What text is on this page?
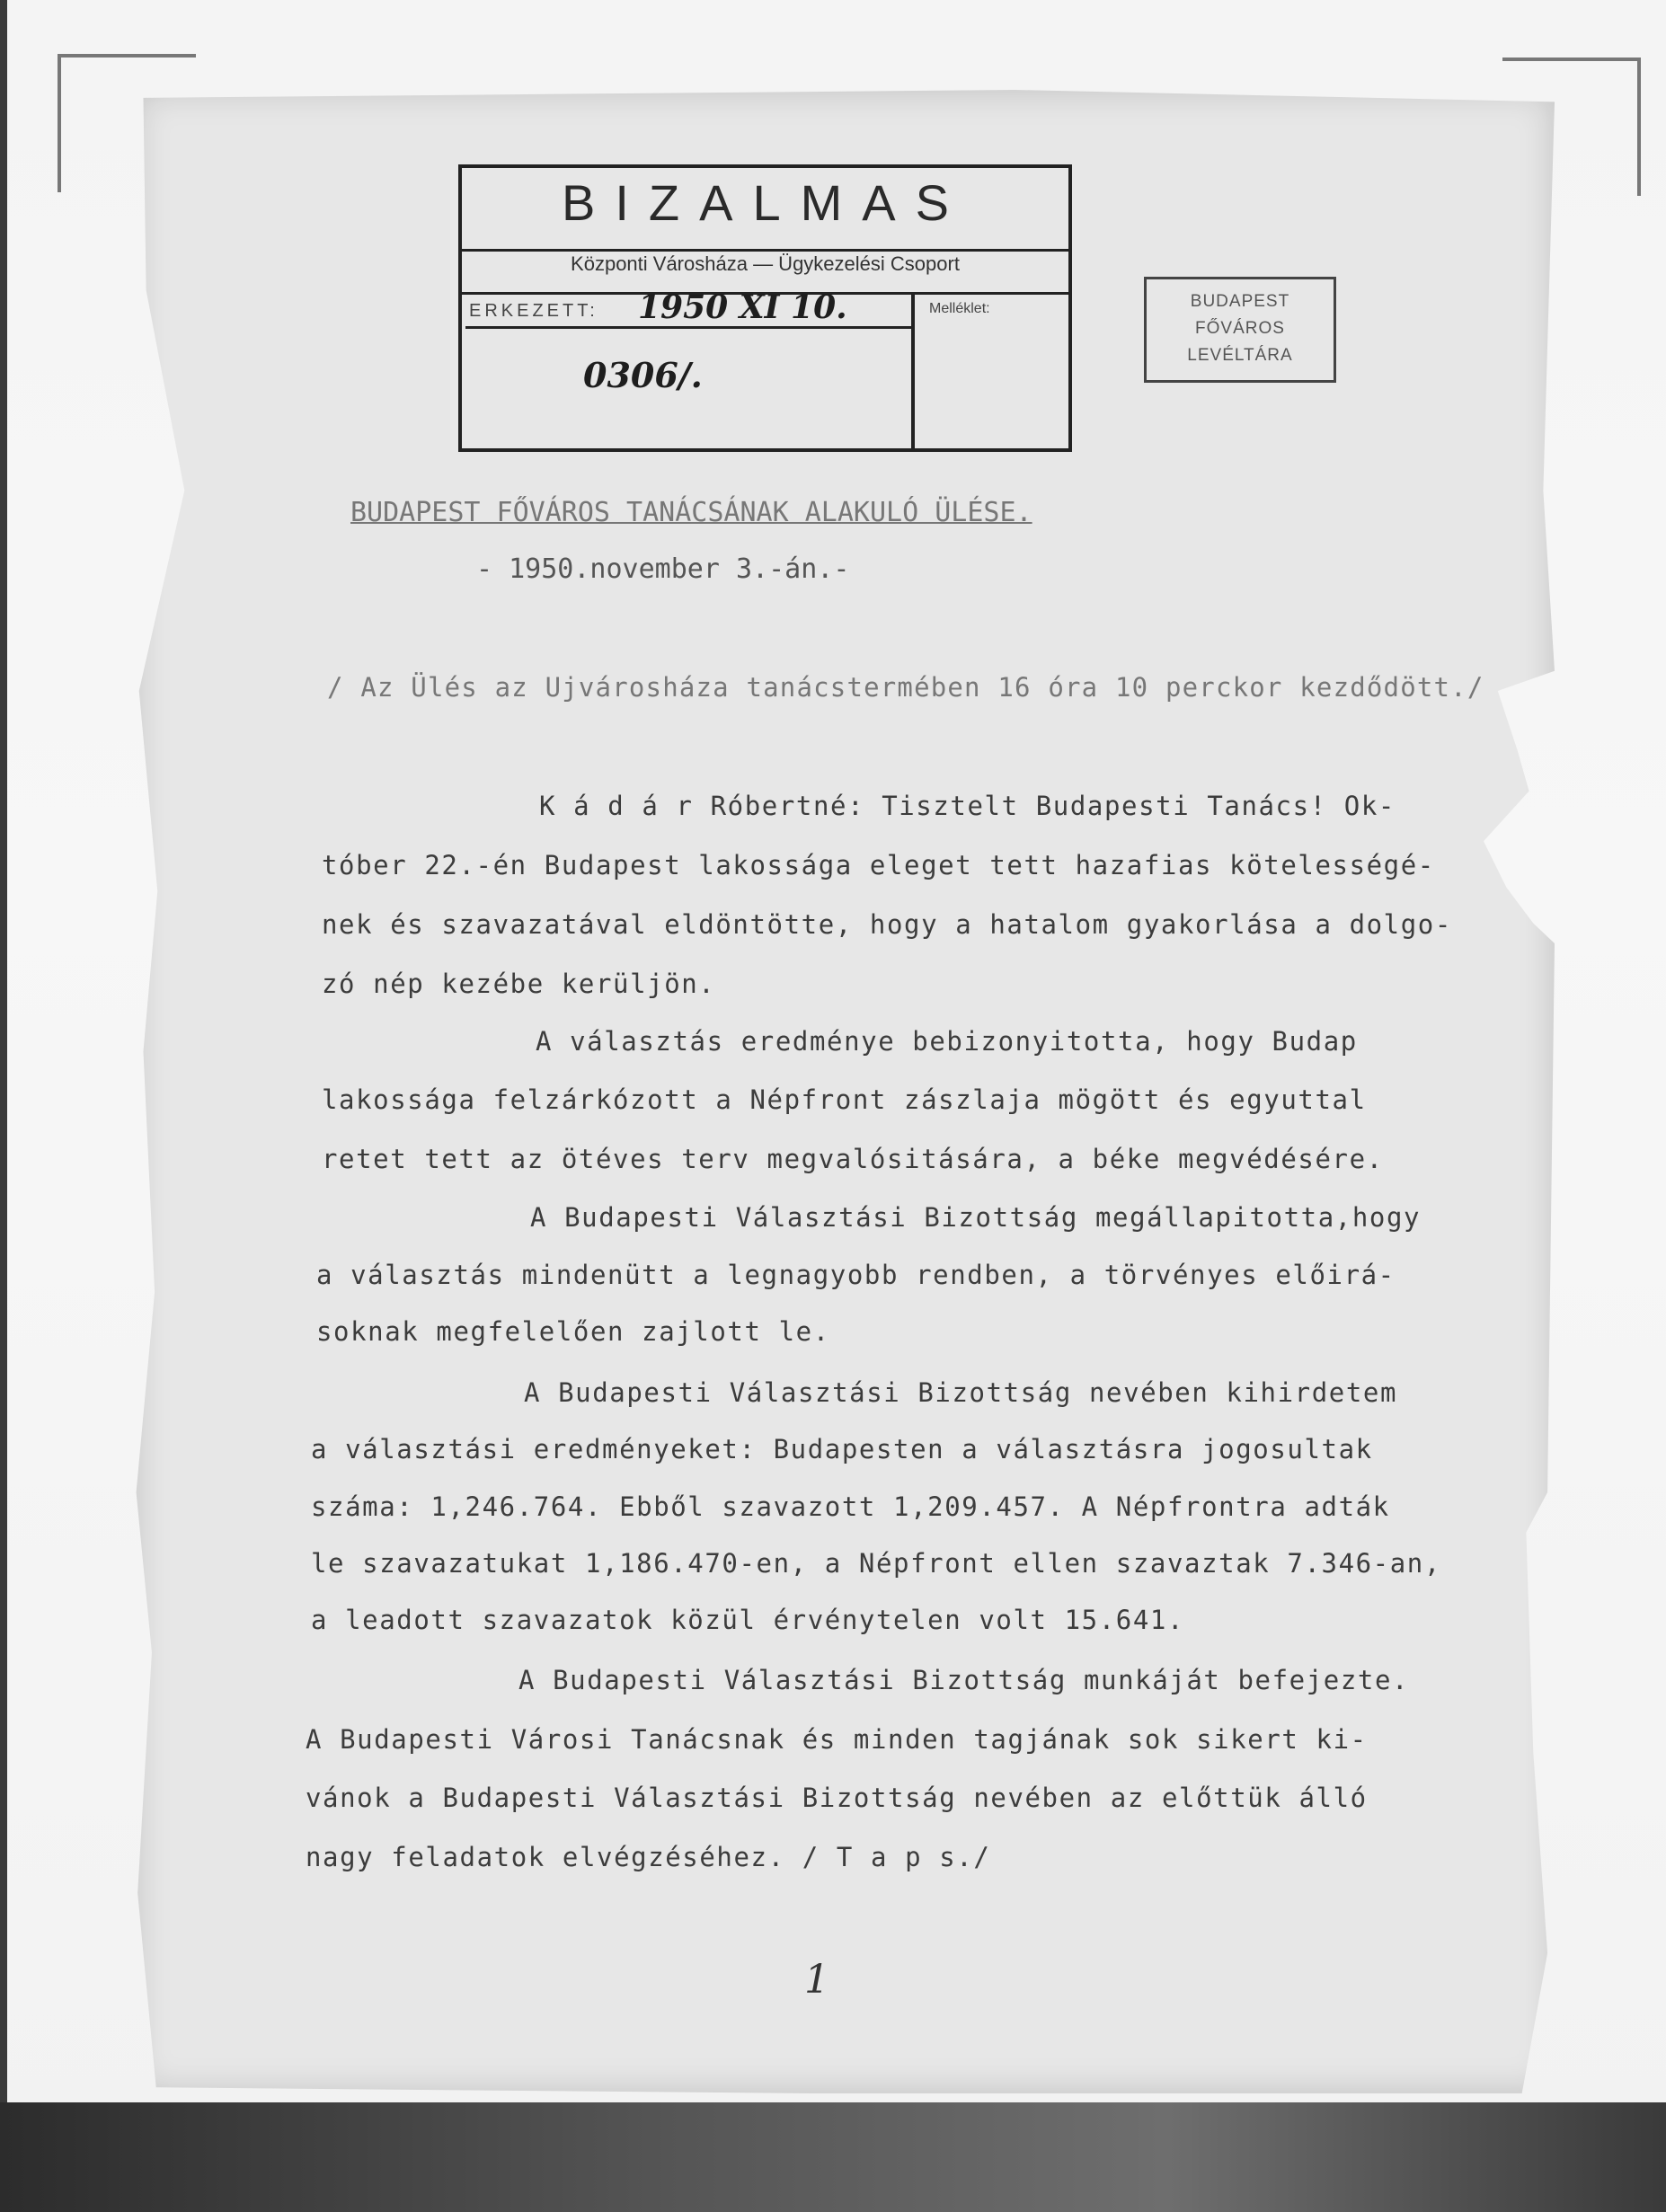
BIZALMAS
Központi Városháza — Ügykezelési Csoport
ERKEZETT: 1950 XI 10.	Melléklet:
0306/.
BUDAPEST
FŐVÁROS
LEVÉLTÁRA
BUDAPEST FŐVÁROS TANÁCSÁNAK ALAKULÓ ÜLÉSE.
- 1950.november 3.-án.-
/ Az Ülés az Ujvárosháza tanácstermében 16 óra 10 perckor kezdődött./
K á d á r Róbertné: Tisztelt Budapesti Tanács! Ok-
tóber 22.-én Budapest lakossága eleget tett hazafias kötelességé-
nek és szavazatával eldöntötte, hogy a hatalom gyakorlása a dolgo-
zó nép kezébe kerüljön.
A választás eredménye bebizonyitotta, hogy Budap
lakossága felzárkózott a Népfront zászlaja mögött és egyuttal
retet tett az ötéves terv megvalósitására, a béke megvédésére.
A Budapesti Választási Bizottság megállapitotta,hogy
a választás mindenütt a legnagyobb rendben, a törvényes előirá-
soknak megfelelően zajlott le.
A Budapesti Választási Bizottság nevében kihirdetem
a választási eredményeket: Budapesten a választásra jogosultak
száma: 1,246.764. Ebből szavazott 1,209.457. A Népfrontra adták
le szavazatukat 1,186.470-en, a Népfront ellen szavaztak 7.346-an,
a leadott szavazatok közül érvénytelen volt 15.641.
A Budapesti Választási Bizottság munkáját befejezte.
A Budapesti Városi Tanácsnak és minden tagjának sok sikert ki-
vánok a Budapesti Választási Bizottság nevében az előttük álló
nagy feladatok elvégzéséhez. / T a p s./
1
